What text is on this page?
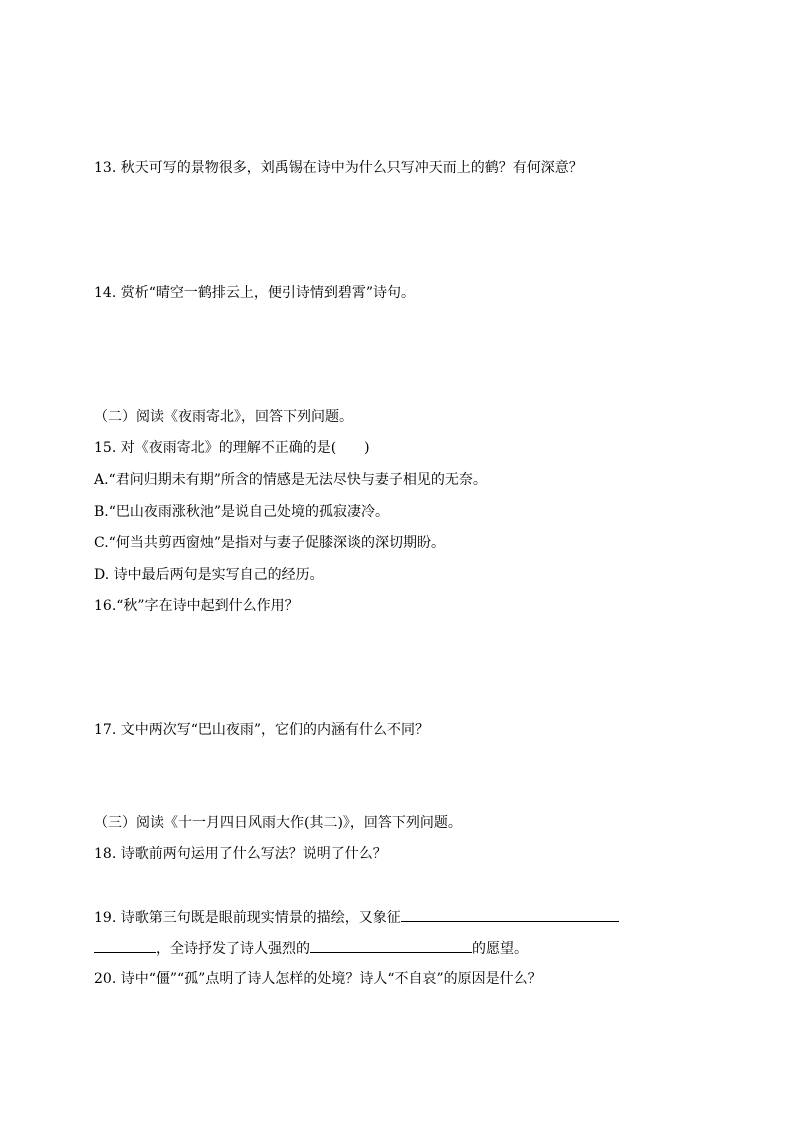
13. 秋天可写的景物很多，刘禹锡在诗中为什么只写冲天而上的鹤？有何深意？
14. 赏析“晴空一鹤排云上，便引诗情到碧霄”诗句。
（二）阅读《夜雨寄北》，回答下列问题。
15. 对《夜雨寄北》的理解不正确的是(　　)
A.“君问归期未有期”所含的情感是无法尽快与妻子相见的无奈。
B.“巴山夜雨涨秋池”是说自己处境的孤寂凄冷。
C.“何当共剪西窗烛”是指对与妻子促膝深谈的深切期盼。
D. 诗中最后两句是实写自己的经历。
16.“秋”字在诗中起到什么作用？
17. 文中两次写“巴山夜雨”，它们的内涵有什么不同？
（三）阅读《十一月四日风雨大作(其二)》，回答下列问题。
18. 诗歌前两句运用了什么写法？说明了什么？
19. 诗歌第三句既是眼前现实情景的描绘，又象征
，全诗抒发了诗人强烈的	的愿望。
20. 诗中“僵”“孤”点明了诗人怎样的处境？诗人“不自哀”的原因是什么？
